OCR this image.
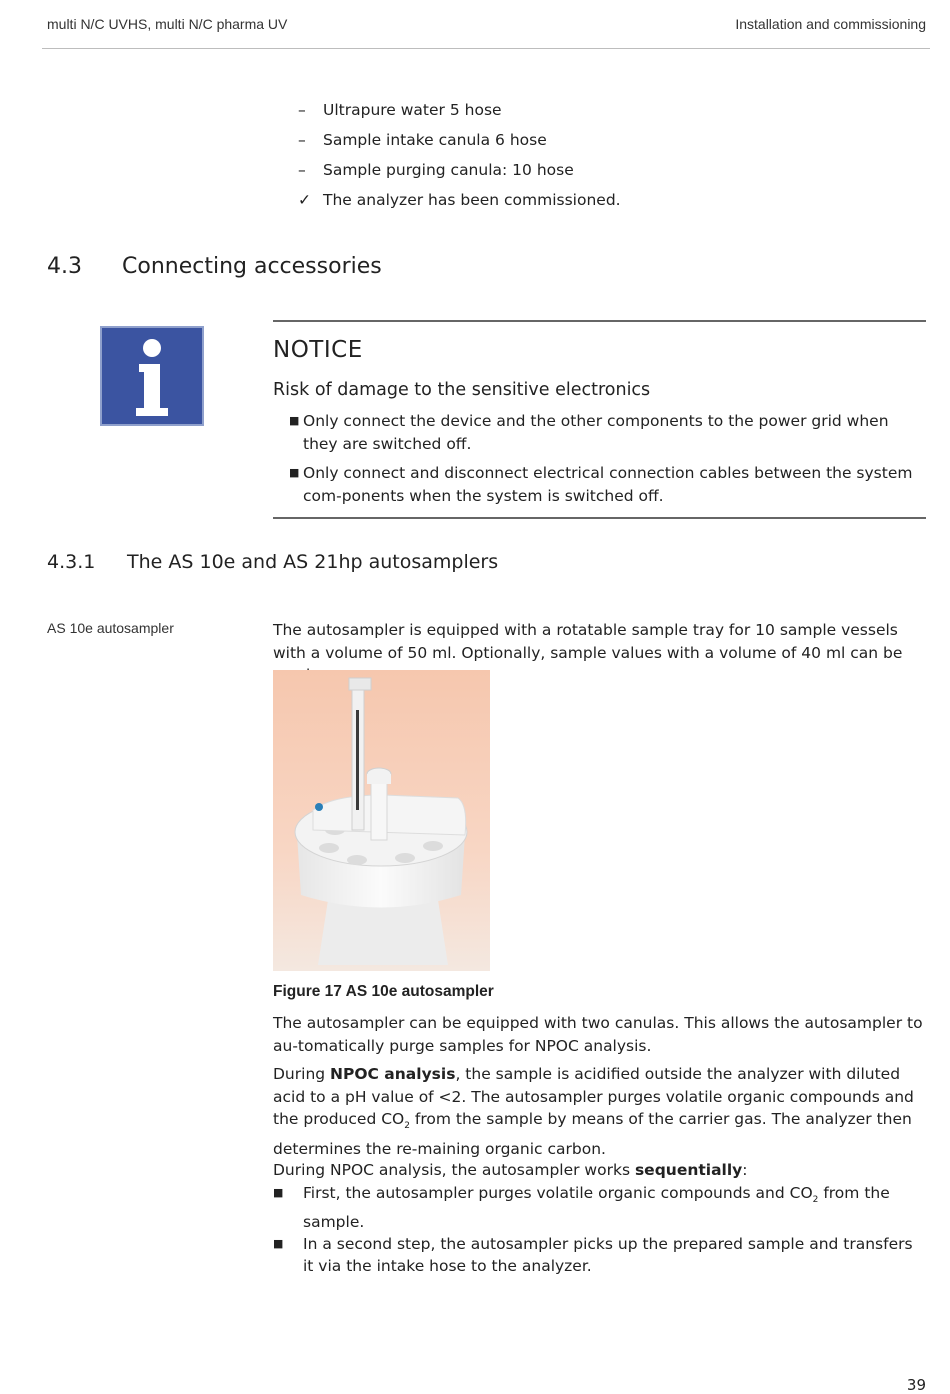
multi N/C UVHS, multi N/C pharma UV	Installation and commissioning
–	Ultrapure water 5 hose
–	Sample intake canula 6 hose
–	Sample purging canula: 10 hose
✓ The analyzer has been commissioned.
4.3 Connecting accessories
NOTICE
Risk of damage to the sensitive electronics
■ Only connect the device and the other components to the power grid when they are switched off.
■ Only connect and disconnect electrical connection cables between the system com-ponents when the system is switched off.
4.3.1 The AS 10e and AS 21hp autosamplers
AS 10e autosampler	The autosampler is equipped with a rotatable sample tray for 10 sample vessels with a volume of 50 ml. Optionally, sample values with a volume of 40 ml can be
Figure 17 AS 10e autosampler
The autosampler can be equipped with two canulas. This allows the autosampler to au-tomatically purge samples for NPOC analysis.
During NPOC analysis, the sample is acidified outside the analyzer with diluted acid to a pH value of <2. The autosampler purges volatile organic compounds and the produced $CO_2$ from the sample by means of the carrier gas. The analyzer then determines the re-maining organic carbon.
During NPOC analysis, the autosampler works sequentially:
■	First, the autosampler purges volatile organic compounds and $CO_2$ from the sample.
■	In a second step, the autosampler picks up the prepared sample and transfers it via the intake hose to the analyzer.
39
